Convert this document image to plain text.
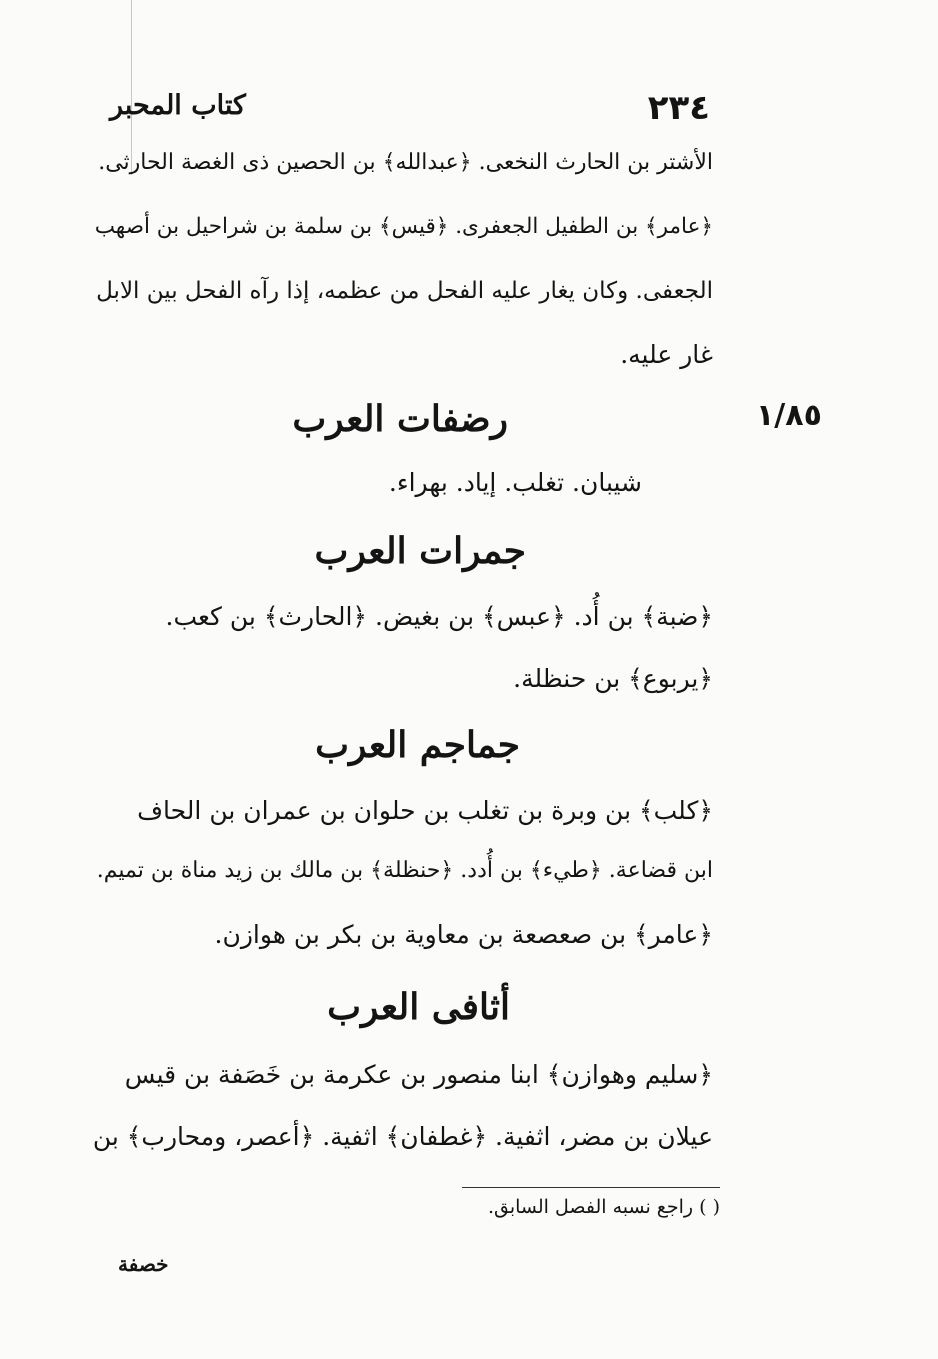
كتاب المحبر	٢٣٤
١/٨٥
الأشتر بن الحارث النخعى. ﴿عبدالله﴾ بن الحصين ذى الغصة الحارثى.
﴿عامر﴾ بن الطفيل الجعفرى. ﴿قيس﴾ بن سلمة بن شراحيل بن أصهب
الجعفى. وكان يغار عليه الفحل من عظمه، إذا رآه الفحل بين الابل
غار عليه.
رضفات العرب
شيبان. تغلب. إياد. بهراء.
جمرات العرب
﴿ضبة﴾ بن أُد. ﴿عبس﴾ بن بغيض. ﴿الحارث﴾ بن كعب.
﴿يربوع﴾ بن حنظلة.
جماجم العرب
﴿كلب﴾ بن وبرة بن تغلب بن حلوان بن عمران بن الحاف
ابن قضاعة. ﴿طيء﴾ بن أُدد. ﴿حنظلة﴾ بن مالك بن زيد مناة بن تميم.
﴿عامر﴾ بن صعصعة بن معاوية بن بكر بن هوازن.
أثافى العرب
﴿سليم وهوازن﴾ ابنا منصور بن عكرمة بن خَصَفة بن قيس
عيلان بن مضر، اثفية. ﴿غطفان﴾ اثفية. ﴿أعصر، ومحارب﴾ بن
( ) راجع نسبه الفصل السابق.
خصفة
